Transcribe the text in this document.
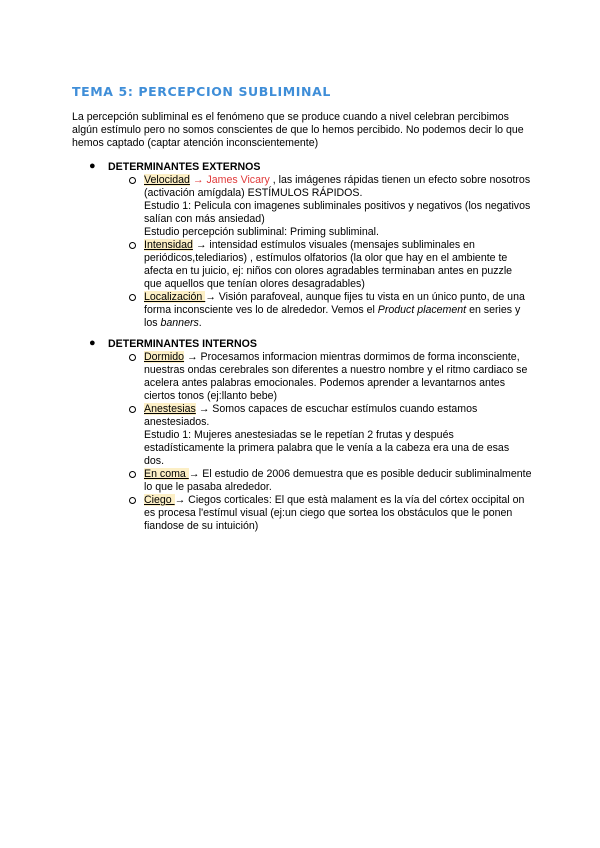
TEMA 5: PERCEPCION SUBLIMINAL

La percepción subliminal es el fenómeno que se produce cuando a nivel celebran percibimos algún estímulo pero no somos conscientes de que lo hemos percibido. No podemos decir lo que hemos captado (captar atención inconscientemente)

● DETERMINANTES EXTERNOS
Velocidad → James Vicary , las imágenes rápidas tienen un efecto sobre nosotros (activación amígdala) ESTÍMULOS RÁPIDOS.
Estudio 1: Pelicula con imagenes subliminales positivos y negativos (los negativos salían con más ansiedad)
Estudio percepción subliminal: Priming subliminal.
Intensidad → intensidad estímulos visuales (mensajes subliminales en periódicos,telediarios) , estímulos olfatorios (la olor que hay en el ambiente te afecta en tu juicio, ej: niños con olores agradables terminaban antes en puzzle que aquellos que tenían olores desagradables)
Localización → Visión parafoveal, aunque fijes tu vista en un único punto, de una forma inconsciente ves lo de alrededor. Vemos el Product placement en series y los banners.
● DETERMINANTES INTERNOS
Dormido → Procesamos informacion mientras dormimos de forma inconsciente, nuestras ondas cerebrales son diferentes a nuestro nombre y el ritmo cardiaco se acelera antes palabras emocionales. Podemos aprender a levantarnos antes ciertos tonos (ej:llanto bebe)
Anestesias → Somos capaces de escuchar estímulos cuando estamos anestesiados.
Estudio 1: Mujeres anestesiadas se le repetían 2 frutas y después estadísticamente la primera palabra que le venía a la cabeza era una de esas dos.
En coma → El estudio de 2006 demuestra que es posible deducir subliminalmente lo que le pasaba alrededor.
Ciego → Ciegos corticales: El que està malament es la vía del córtex occipital on es procesa l'estímul visual (ej:un ciego que sortea los obstáculos que le ponen fiandose de su intuición)
